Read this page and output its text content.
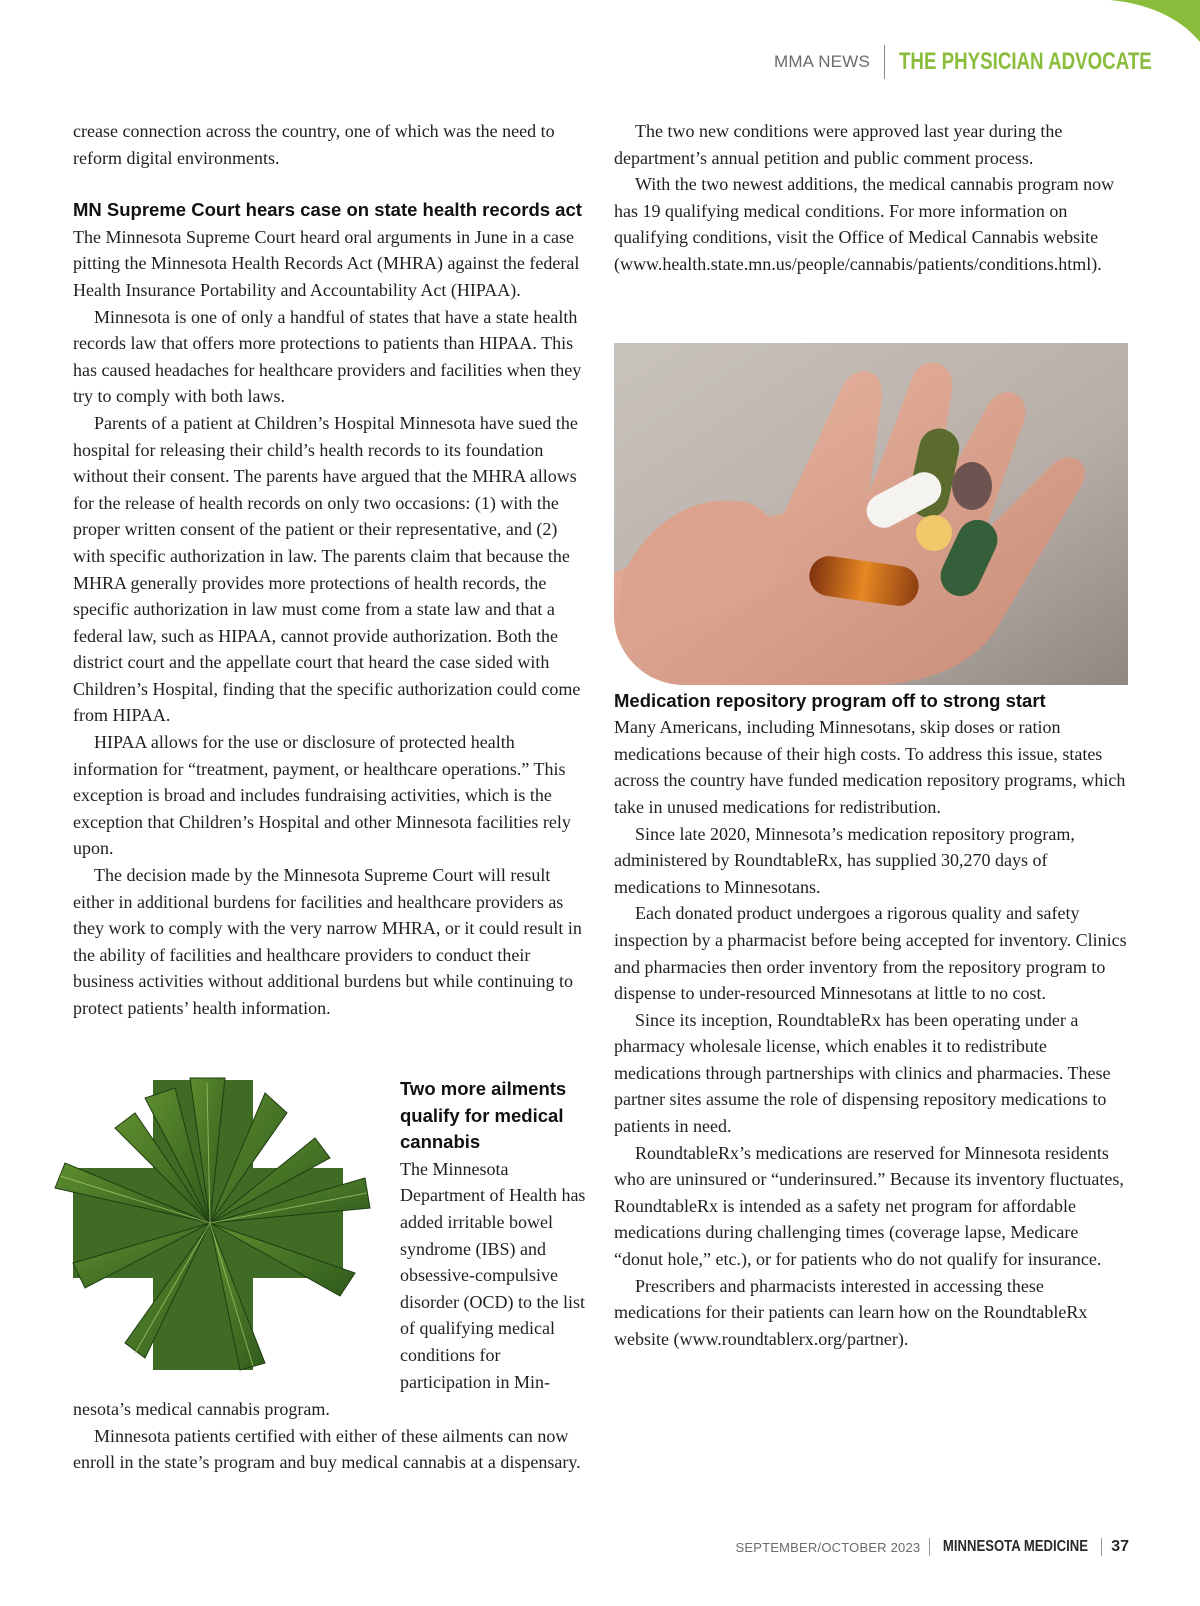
MMA NEWS THE PHYSICIAN ADVOCATE

crease connection across the country, one of which was the need to reform digital environments.

MN Supreme Court hears case on state health records act

The Minnesota Supreme Court heard oral arguments in June in a case pitting the Minnesota Health Records Act (MHRA) against the federal Health Insurance Portability and Accountability Act (HIPAA).

Minnesota is one of only a handful of states that have a state health records law that offers more protections to patients than HIPAA. This has caused headaches for healthcare providers and facilities when they try to comply with both laws.

Parents of a patient at Children’s Hospital Minnesota have sued the hospital for releasing their child’s health records to its foundation without their consent. The parents have argued that the MHRA allows for the release of health records on only two occasions: (1) with the proper written consent of the patient or their representative, and (2) with specific authorization in law. The parents claim that because the MHRA generally provides more protections of health records, the specific authorization in law must come from a state law and that a federal law, such as HIPAA, cannot provide authorization. Both the district court and the appellate court that heard the case sided with Children’s Hospital, finding that the specific authorization could come from HIPAA.

HIPAA allows for the use or disclosure of protected health information for “treatment, payment, or healthcare operations.” This exception is broad and includes fundraising activities, which is the exception that Children’s Hospital and other Minnesota facilities rely upon.

The decision made by the Minnesota Supreme Court will result either in additional burdens for facilities and healthcare providers as they work to comply with the very narrow MHRA, or it could result in the ability of facilities and healthcare providers to conduct their business activities without additional burdens but while continuing to protect patients’ health information.

Two more ailments qualify for medical cannabis

The Minnesota Department of Health has added irritable bowel syndrome (IBS) and obsessive-compulsive disorder (OCD) to the list of qualifying medical conditions for participation in Min-

nesota’s medical cannabis program.

Minnesota patients certified with either of these ailments can now enroll in the state’s program and buy medical cannabis at a dispensary.

The two new conditions were approved last year during the department’s annual petition and public comment process.

With the two newest additions, the medical cannabis program now has 19 qualifying medical conditions. For more information on qualifying conditions, visit the Office of Medical Cannabis website (www.health.state.mn.us/people/cannabis/patients/conditions.html).

Medication repository program off to strong start

Many Americans, including Minnesotans, skip doses or ration medications because of their high costs. To address this issue, states across the country have funded medication repository programs, which take in unused medications for redistribution.

Since late 2020, Minnesota’s medication repository program, administered by RoundtableRx, has supplied 30,270 days of medications to Minnesotans.

Each donated product undergoes a rigorous quality and safety inspection by a pharmacist before being accepted for inventory. Clinics and pharmacies then order inventory from the repository program to dispense to under-resourced Minnesotans at little to no cost.

Since its inception, RoundtableRx has been operating under a pharmacy wholesale license, which enables it to redistribute medications through partnerships with clinics and pharmacies. These partner sites assume the role of dispensing repository medications to patients in need.

RoundtableRx’s medications are reserved for Minnesota residents who are uninsured or “underinsured.” Because its inventory fluctuates, RoundtableRx is intended as a safety net program for affordable medications during challenging times (coverage lapse, Medicare “donut hole,” etc.), or for patients who do not qualify for insurance.

Prescribers and pharmacists interested in accessing these medications for their patients can learn how on the RoundtableRx website (www.roundtablerx.org/partner).

SEPTEMBER/OCTOBER 2023 MINNESOTA MEDICINE 37
